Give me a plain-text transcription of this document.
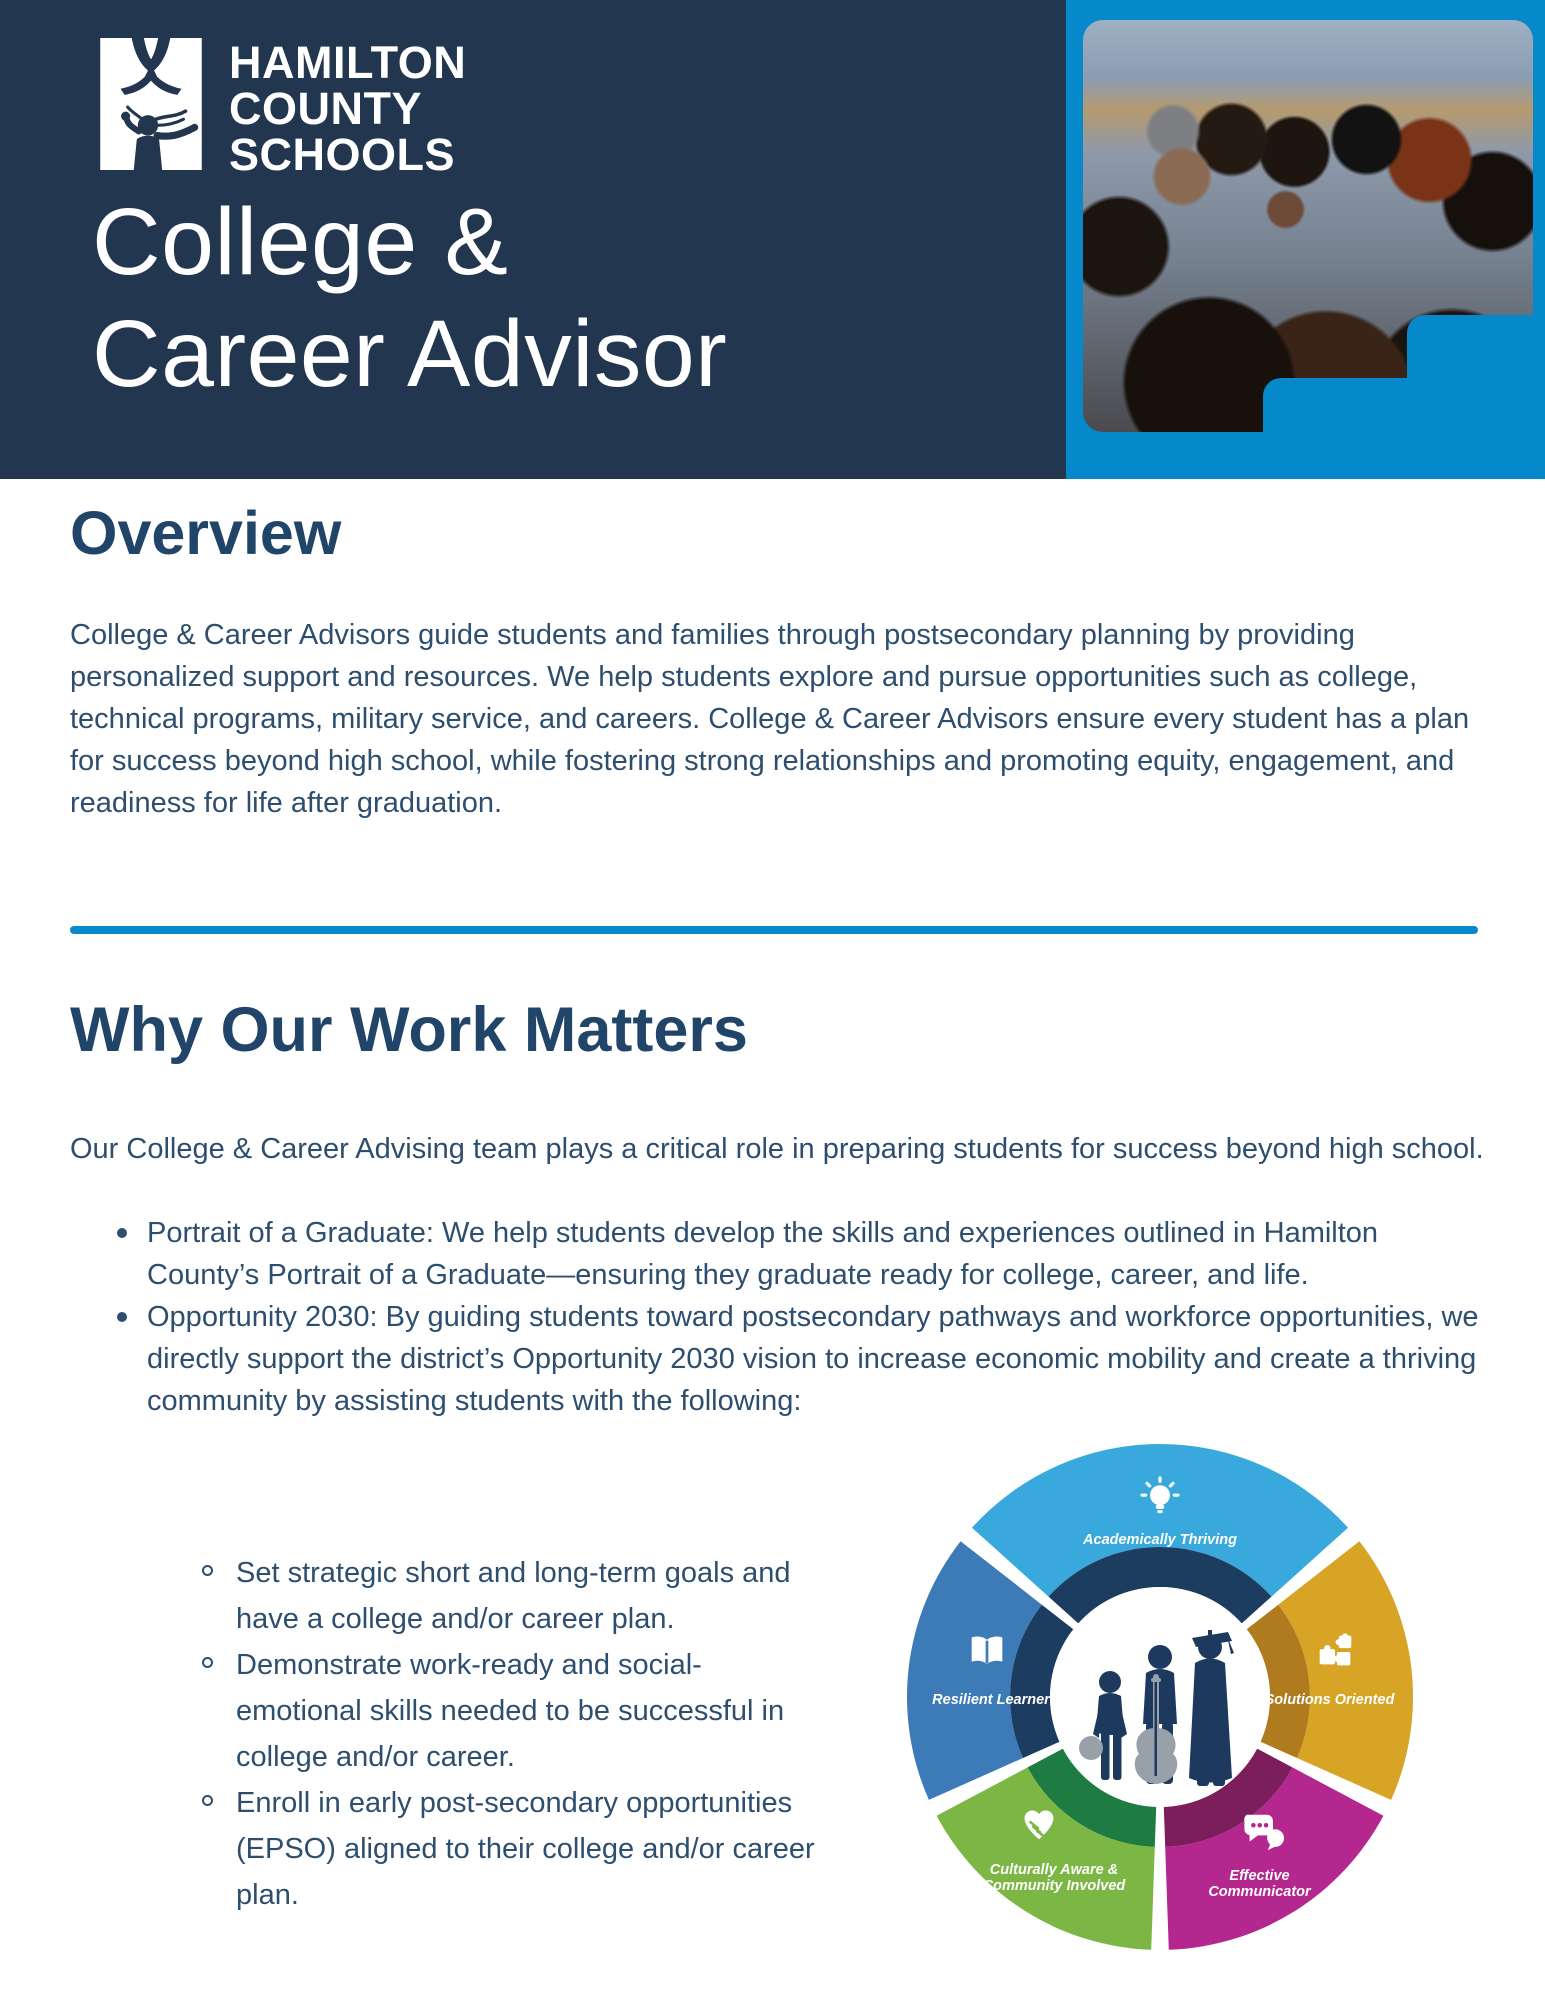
HAMILTON
COUNTY
SCHOOLS
College &
Career Advisor
Overview
College & Career Advisors guide students and families through postsecondary planning by providing personalized support and resources. We help students explore and pursue opportunities such as college, technical programs, military service, and careers. College & Career Advisors ensure every student has a plan for success beyond high school, while fostering strong relationships and promoting equity, engagement, and readiness for life after graduation.
Why Our Work Matters
Our College & Career Advising team plays a critical role in preparing students for success beyond high school.
Portrait of a Graduate: We help students develop the skills and experiences outlined in Hamilton County’s Portrait of a Graduate—ensuring they graduate ready for college, career, and life.
Opportunity 2030: By guiding students toward postsecondary pathways and workforce opportunities, we directly support the district’s Opportunity 2030 vision to increase economic mobility and create a thriving community by assisting students with the following:
Set strategic short and long-term goals and have a college and/or career plan.
Demonstrate work-ready and social-emotional skills needed to be successful in college and/or career.
Enroll in early post-secondary opportunities (EPSO) aligned to their college and/or career plan.
Academically Thriving
Solutions Oriented
Effective Communicator
Culturally Aware & Community Involved
Resilient Learner
